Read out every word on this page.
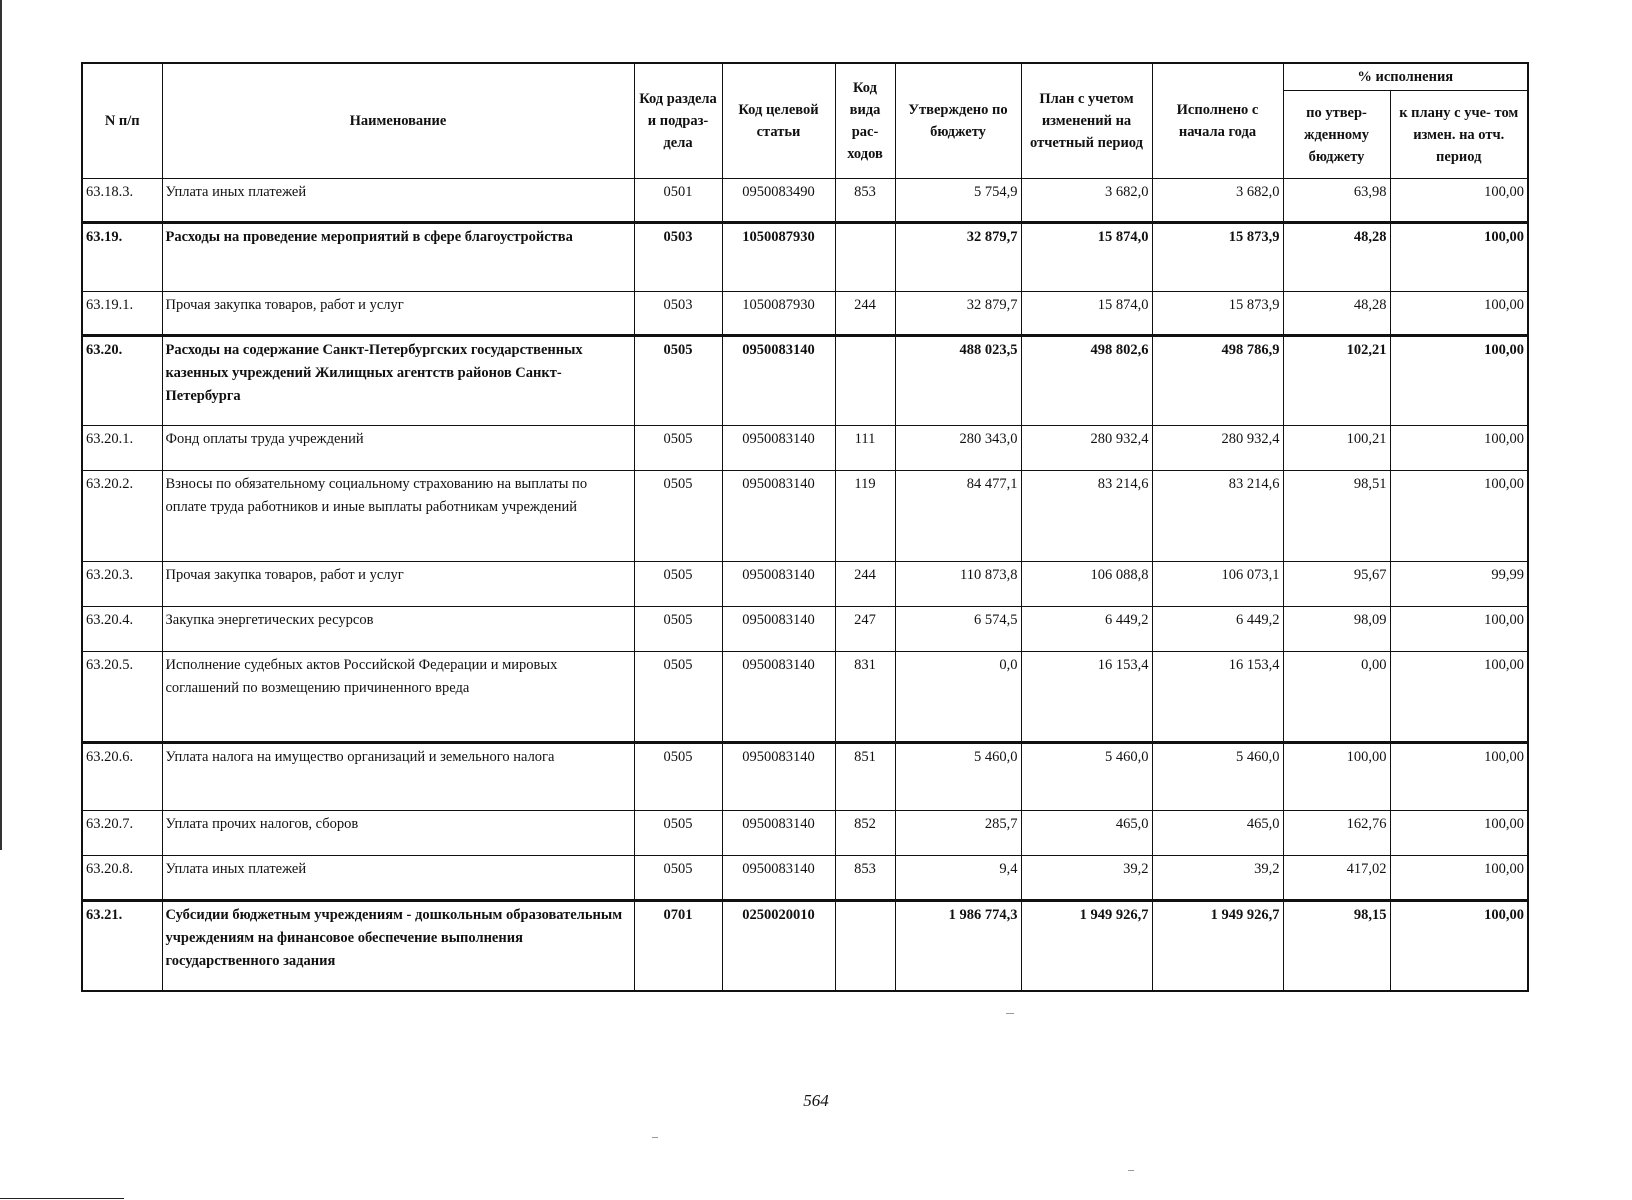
N п/п	Наименование	Код раздела и подраз- дела	Код целевой статьи	Код вида рас- ходов	Утверждено по бюджету	План с учетом изменений на отчетный период	Исполнено с начала года	% исполнения	
								по утвер- жденному бюджету	к плану с уче- том измен. на отч. период
63.18.3.	Уплата иных платежей	0501	0950083490	853	5 754,9	3 682,0	3 682,0	63,98	100,00
63.19.	Расходы на проведение мероприятий в сфере благоустройства	0503	1050087930		32 879,7	15 874,0	15 873,9	48,28	100,00
63.19.1.	Прочая закупка товаров, работ и услуг	0503	1050087930	244	32 879,7	15 874,0	15 873,9	48,28	100,00
63.20.	Расходы на содержание Санкт-Петербургских государственных казенных учреждений Жилищных агентств районов Санкт-Петербурга	0505	0950083140		488 023,5	498 802,6	498 786,9	102,21	100,00
63.20.1.	Фонд оплаты труда учреждений	0505	0950083140	111	280 343,0	280 932,4	280 932,4	100,21	100,00
63.20.2.	Взносы по обязательному социальному страхованию на выплаты по оплате труда работников и иные выплаты работникам учреждений	0505	0950083140	119	84 477,1	83 214,6	83 214,6	98,51	100,00
63.20.3.	Прочая закупка товаров, работ и услуг	0505	0950083140	244	110 873,8	106 088,8	106 073,1	95,67	99,99
63.20.4.	Закупка энергетических ресурсов	0505	0950083140	247	6 574,5	6 449,2	6 449,2	98,09	100,00
63.20.5.	Исполнение судебных актов Российской Федерации и мировых соглашений по возмещению причиненного вреда	0505	0950083140	831	0,0	16 153,4	16 153,4	0,00	100,00
63.20.6.	Уплата налога на имущество организаций и земельного налога	0505	0950083140	851	5 460,0	5 460,0	5 460,0	100,00	100,00
63.20.7.	Уплата прочих налогов, сборов	0505	0950083140	852	285,7	465,0	465,0	162,76	100,00
63.20.8.	Уплата иных платежей	0505	0950083140	853	9,4	39,2	39,2	417,02	100,00
63.21.	Субсидии бюджетным учреждениям - дошкольным образовательным учреждениям на финансовое обеспечение выполнения государственного задания	0701	0250020010		1 986 774,3	1 949 926,7	1 949 926,7	98,15	100,00
564
